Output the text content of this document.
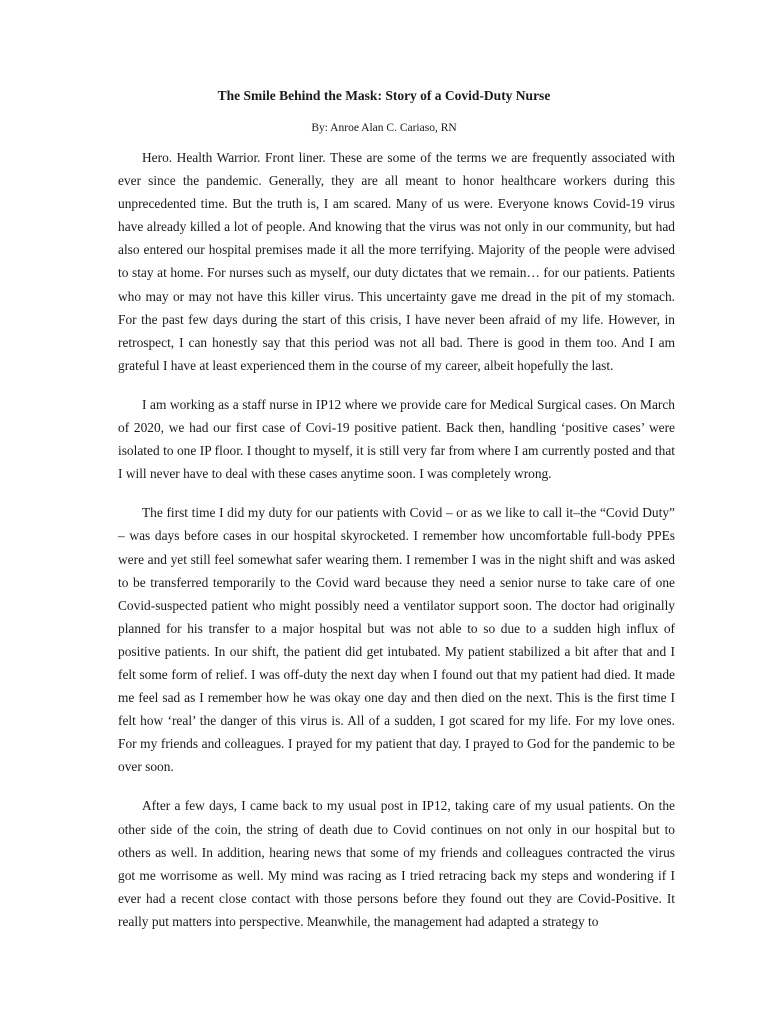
The Smile Behind the Mask: Story of a Covid-Duty Nurse

By: Anroe Alan C. Cariaso, RN

Hero. Health Warrior. Front liner. These are some of the terms we are frequently associated with ever since the pandemic. Generally, they are all meant to honor healthcare workers during this unprecedented time. But the truth is, I am scared. Many of us were. Everyone knows Covid-19 virus have already killed a lot of people. And knowing that the virus was not only in our community, but had also entered our hospital premises made it all the more terrifying. Majority of the people were advised to stay at home. For nurses such as myself, our duty dictates that we remain… for our patients. Patients who may or may not have this killer virus. This uncertainty gave me dread in the pit of my stomach. For the past few days during the start of this crisis, I have never been afraid of my life. However, in retrospect, I can honestly say that this period was not all bad. There is good in them too. And I am grateful I have at least experienced them in the course of my career, albeit hopefully the last.

I am working as a staff nurse in IP12 where we provide care for Medical Surgical cases. On March of 2020, we had our first case of Covi-19 positive patient. Back then, handling ‘positive cases’ were isolated to one IP floor. I thought to myself, it is still very far from where I am currently posted and that I will never have to deal with these cases anytime soon. I was completely wrong.

The first time I did my duty for our patients with Covid – or as we like to call it–the “Covid Duty” – was days before cases in our hospital skyrocketed. I remember how uncomfortable full-body PPEs were and yet still feel somewhat safer wearing them. I remember I was in the night shift and was asked to be transferred temporarily to the Covid ward because they need a senior nurse to take care of one Covid-suspected patient who might possibly need a ventilator support soon. The doctor had originally planned for his transfer to a major hospital but was not able to so due to a sudden high influx of positive patients. In our shift, the patient did get intubated. My patient stabilized a bit after that and I felt some form of relief. I was off-duty the next day when I found out that my patient had died. It made me feel sad as I remember how he was okay one day and then died on the next. This is the first time I felt how ‘real’ the danger of this virus is. All of a sudden, I got scared for my life. For my love ones. For my friends and colleagues. I prayed for my patient that day. I prayed to God for the pandemic to be over soon.

After a few days, I came back to my usual post in IP12, taking care of my usual patients. On the other side of the coin, the string of death due to Covid continues on not only in our hospital but to others as well. In addition, hearing news that some of my friends and colleagues contracted the virus got me worrisome as well. My mind was racing as I tried retracing back my steps and wondering if I ever had a recent close contact with those persons before they found out they are Covid-Positive. It really put matters into perspective. Meanwhile, the management had adapted a strategy to
